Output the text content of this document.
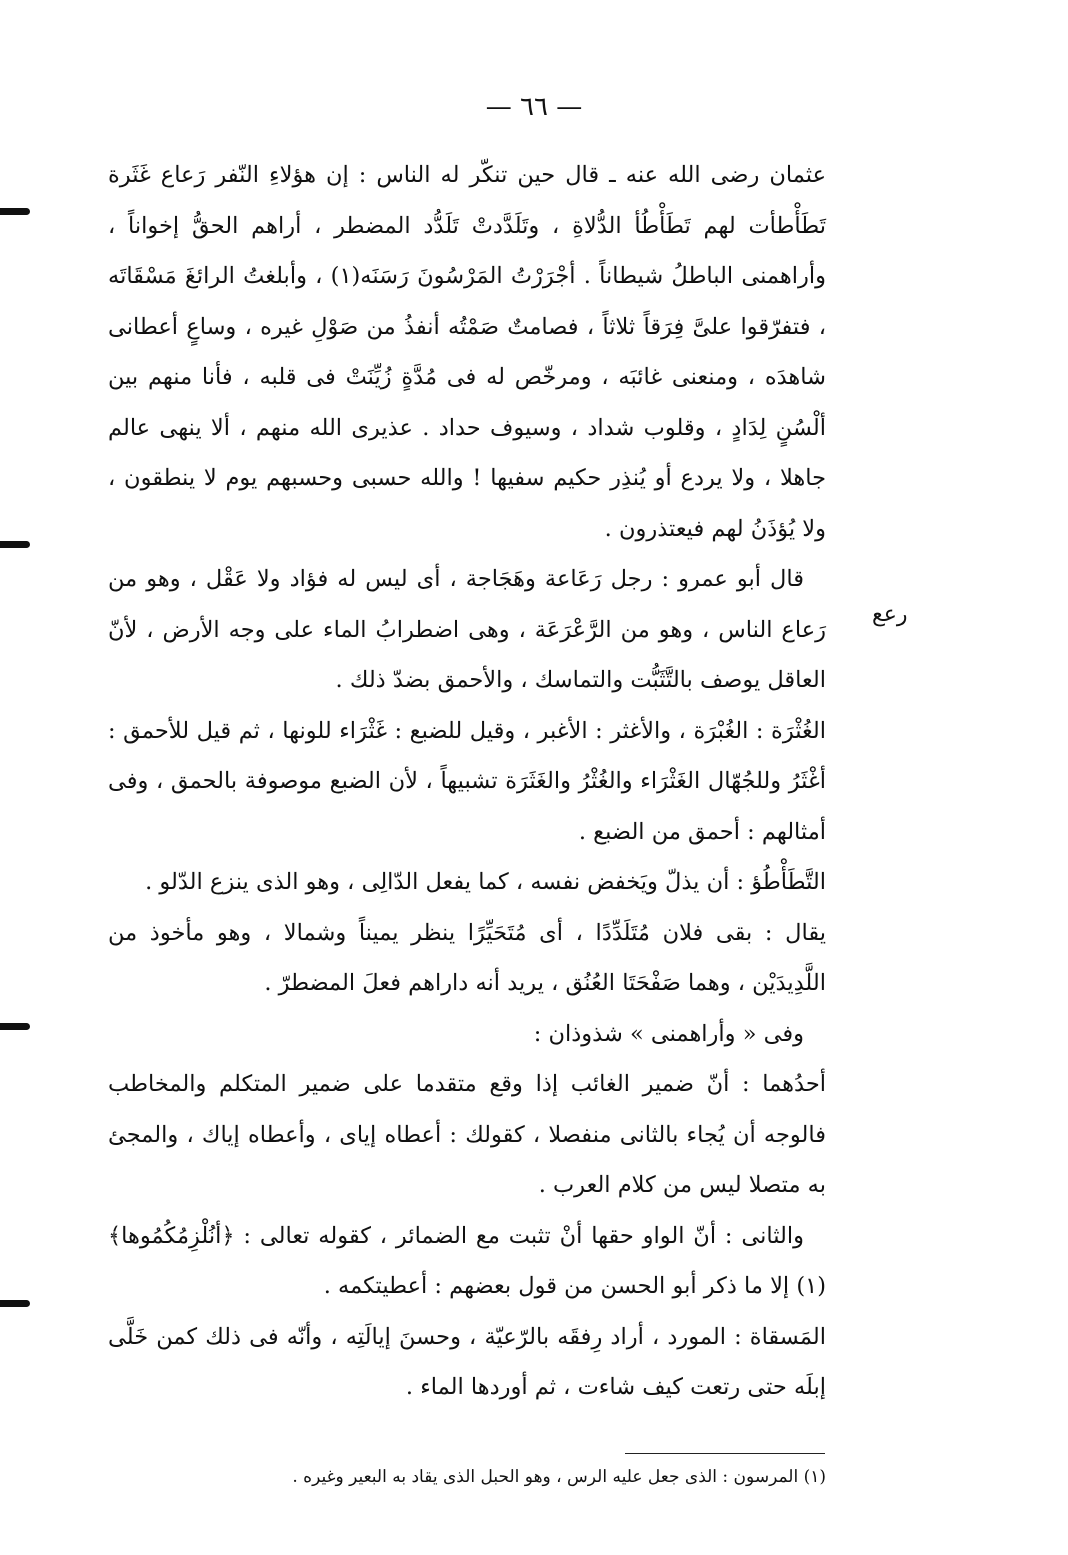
— ٦٦ —

عثمان رضى الله عنه ـ قال حين تنكّر له الناس : إن هؤلاءِ النّفر رَعاع غَثَرة تَطَأْطأت لهم تَطَأْطُأ الدُّلاةِ ، وتَلَدَّدتْ تَلَدُّد المضطر ، أراهم الحقُّ إخواناً ، وأراهمنى الباطلُ شيطاناً . أجْرَرْتُ المَرْسُونَ رَسَنَه(١) ، وأبلغتُ الرائغَ مَسْقَاتَه ، فتفرّقوا علىَّ فِرَقاً ثلاثاً ، فصامتٌ صَمْتُه أنفذُ من صَوْلِ غيره ، وساعٍ أعطانى شاهدَه ، ومنعنى غائبَه ، ومرخّص له فى مُدَّةٍ زُيِّنَتْ فى قلبه ، فأنا منهم بين ألْسُنٍ لِدَادٍ ، وقلوب شداد ، وسيوف حداد . عذيرى الله منهم ، ألا ينهى عالم جاهلا ، ولا يردع أو يُنذِر حكيم سفيها ! والله حسبى وحسبهم يوم لا ينطقون ، ولا يُؤذَنُ لهم فيعتذرون .

قال أبو عمرو : رجل رَعَاعة وهَجَاجة ، أى ليس له فؤاد ولا عَقْل ، وهو من رَعاع الناس ، وهو من الرَّعْرَعَة ، وهى اضطرابُ الماء على وجه الأرض ، لأنّ العاقل يوصف بالتَّثَبُّت والتماسك ، والأحمق بضدّ ذلك .

الغُثْرَة : الغُبْرَة ، والأغثر : الأغبر ، وقيل للضبع : غَثْرَاء للونها ، ثم قيل للأحمق : أغْثَرُ وللجُهّال الغَثْرَاء والغُثْرُ والغَثَرَة تشبيهاً ، لأن الضبع موصوفة بالحمق ، وفى أمثالهم : أحمق من الضبع .

التَّطَأْطُؤ : أن يذلّ ويَخفض نفسه ، كما يفعل الدّالِى ، وهو الذى ينزع الدّلو .

يقال : بقى فلان مُتَلَدِّدًا ، أى مُتَحَيِّرًا ينظر يميناً وشمالا ، وهو مأخوذ من اللَّدِيدَيْن ، وهما صَفْحَتَا العُنُق ، يريد أنه داراهم فعلَ المضطرّ .

وفى « وأراهمنى » شذوذان :

أحدُهما : أنّ ضمير الغائب إذا وقع متقدما على ضمير المتكلم والمخاطب فالوجه أن يُجاء بالثانى منفصلا ، كقولك : أعطاه إياى ، وأعطاه إياك ، والمجئ به متصلا ليس من كلام العرب .

والثانى : أنّ الواو حقها أنْ تثبت مع الضمائر ، كقوله تعالى : ﴿أنُلْزِمُكُمُوها﴾(١) إلا ما ذكر أبو الحسن من قول بعضهم : أعطيتكمه .

المَسقاة : المورد ، أراد رِفقَه بالرّعيّة ، وحسنَ إيالَتِه ، وأنّه فى ذلك كمن خَلَّى إبلَه حتى رتعت كيف شاءت ، ثم أوردها الماء .

رعع
(١) المرسون : الذى جعل عليه الرس ، وهو الحبل الذى يقاد به البعير وغيره .
